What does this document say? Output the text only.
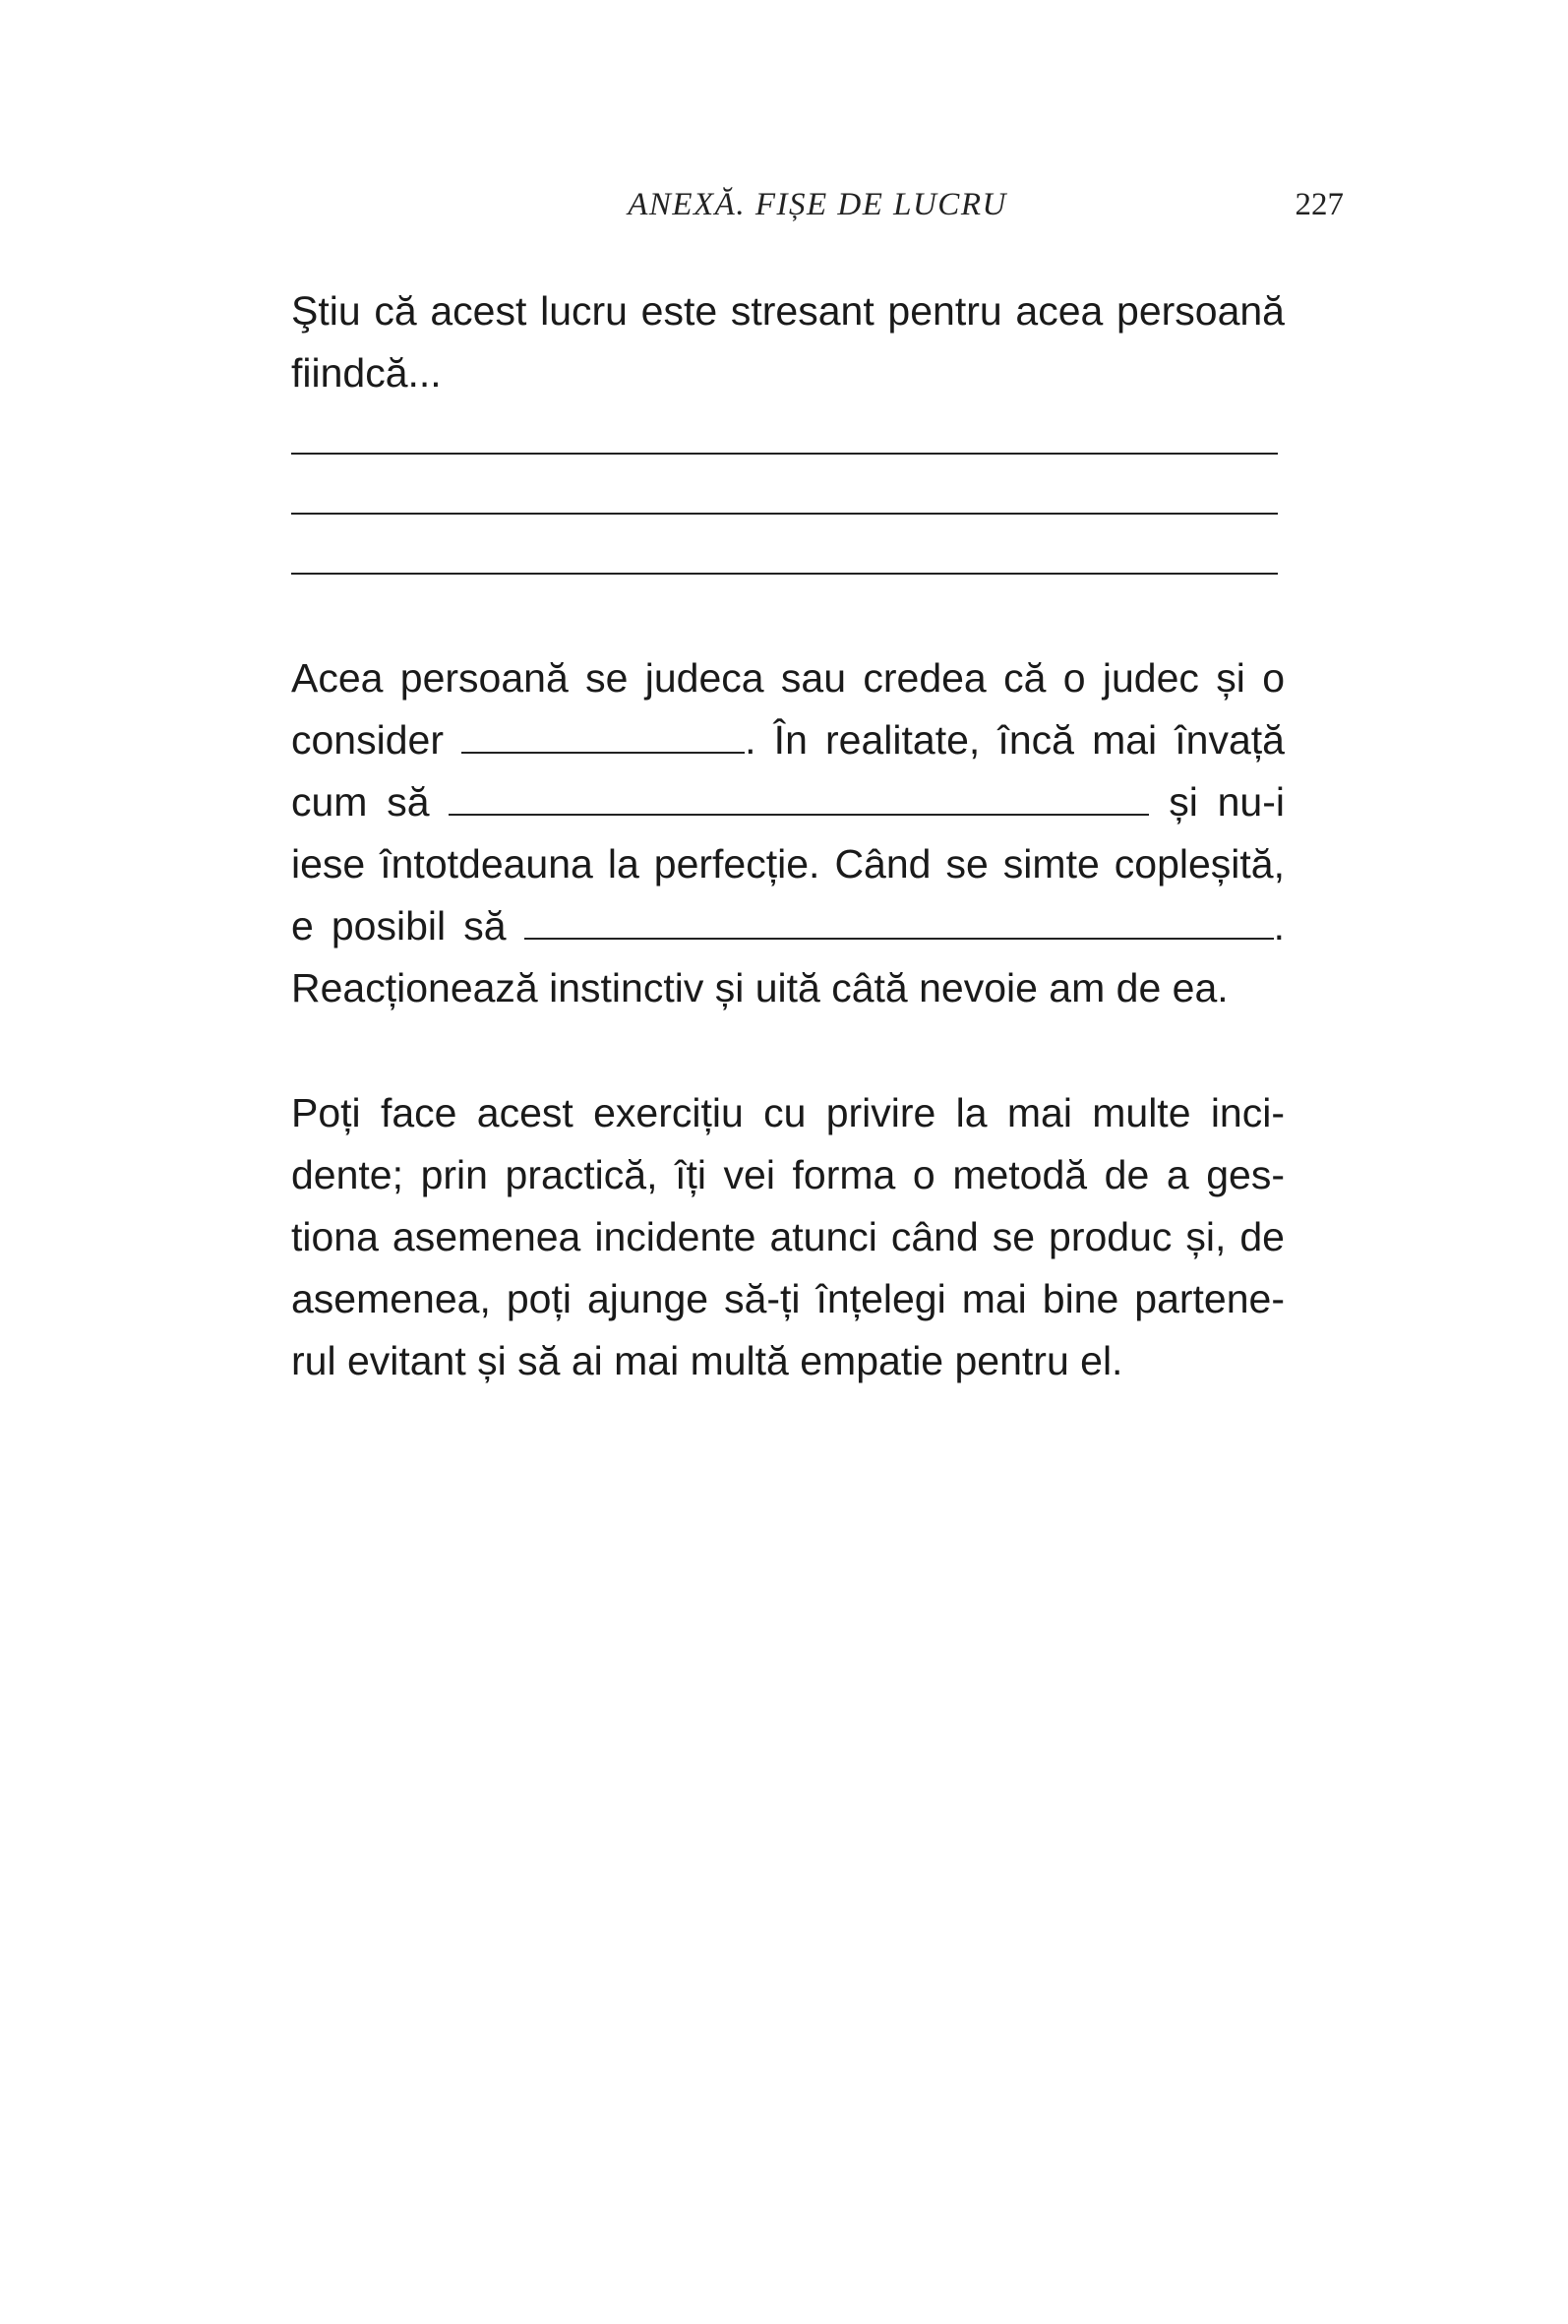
ANEXĂ. FIȘE DE LUCRU	227
Ştiu că acest lucru este stresant pentru acea persoană
fiindcă...
Acea persoană se judeca sau credea că o judec și o
consider	. În realitate, încă mai învață
cum să	și nu-i
iese întotdeauna la perfecție. Când se simte copleșită,
e posibil să	.
Reacționează instinctiv și uită câtă nevoie am de ea.
Poți face acest exercițiu cu privire la mai multe inci-
dente; prin practică, îți vei forma o metodă de a ges-
tiona asemenea incidente atunci când se produc și, de
asemenea, poți ajunge să-ți înțelegi mai bine partene-
rul evitant și să ai mai multă empatie pentru el.
